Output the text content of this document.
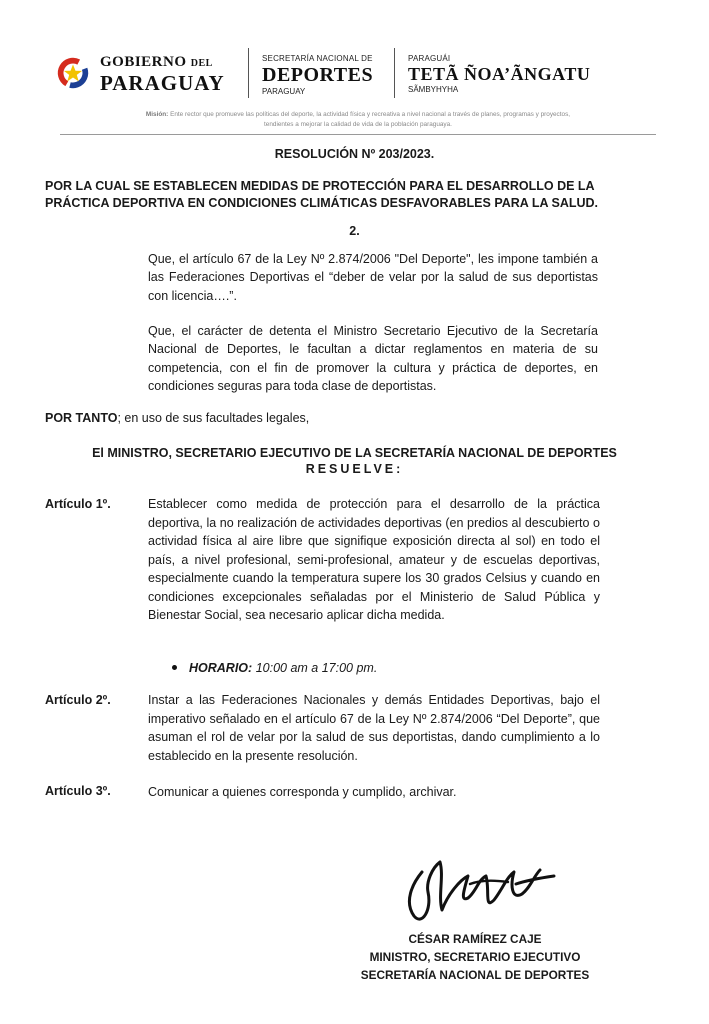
GOBIERNO DEL
PARAGUAY
SECRETARÍA NACIONAL DE
DEPORTES
PARAGUAY
PARAGUÁI
TETÃ ÑOA’ÃNGATU
SÃMBYHYHA
Misión: Ente rector que promueve las políticas del deporte, la actividad física y recreativa a nivel nacional a través de planes, programas y proyectos,
tendientes a mejorar la calidad de vida de la población paraguaya.
RESOLUCIÓN Nº 203/2023.
POR LA CUAL SE ESTABLECEN MEDIDAS DE PROTECCIÓN PARA EL DESARROLLO DE LA
PRÁCTICA DEPORTIVA EN CONDICIONES CLIMÁTICAS DESFAVORABLES PARA LA SALUD.
2.
Que, el artículo 67 de la Ley Nº 2.874/2006 "Del Deporte", les impone también a las Federaciones Deportivas el “deber de velar por la salud de sus deportistas con licencia….”.
Que, el carácter de detenta el Ministro Secretario Ejecutivo de la Secretaría Nacional de Deportes, le facultan a dictar reglamentos en materia de su competencia, con el fin de promover la cultura y práctica de deportes, en condiciones seguras para toda clase de deportistas.
POR TANTO; en uso de sus facultades legales,
El MINISTRO, SECRETARIO EJECUTIVO DE LA SECRETARÍA NACIONAL DE DEPORTES
RESUELVE:
Artículo 1º.	Establecer como medida de protección para el desarrollo de la práctica deportiva, la no realización de actividades deportivas (en predios al descubierto o actividad física al aire libre que signifique exposición directa al sol) en todo el país, a nivel profesional, semi-profesional, amateur y de escuelas deportivas, especialmente cuando la temperatura supere los 30 grados Celsius y cuando en condiciones excepcionales señaladas por el Ministerio de Salud Pública y Bienestar Social, sea necesario aplicar dicha medida.
HORARIO: 10:00 am a 17:00 pm.
Artículo 2º.	Instar a las Federaciones Nacionales y demás Entidades Deportivas, bajo el imperativo señalado en el artículo 67 de la Ley Nº 2.874/2006 “Del Deporte”, que asuman el rol de velar por la salud de sus deportistas, dando cumplimiento a lo establecido en la presente resolución.
Artículo 3º.	Comunicar a quienes corresponda y cumplido, archivar.
CÉSAR RAMÍREZ CAJE
MINISTRO, SECRETARIO EJECUTIVO
SECRETARÍA NACIONAL DE DEPORTES
